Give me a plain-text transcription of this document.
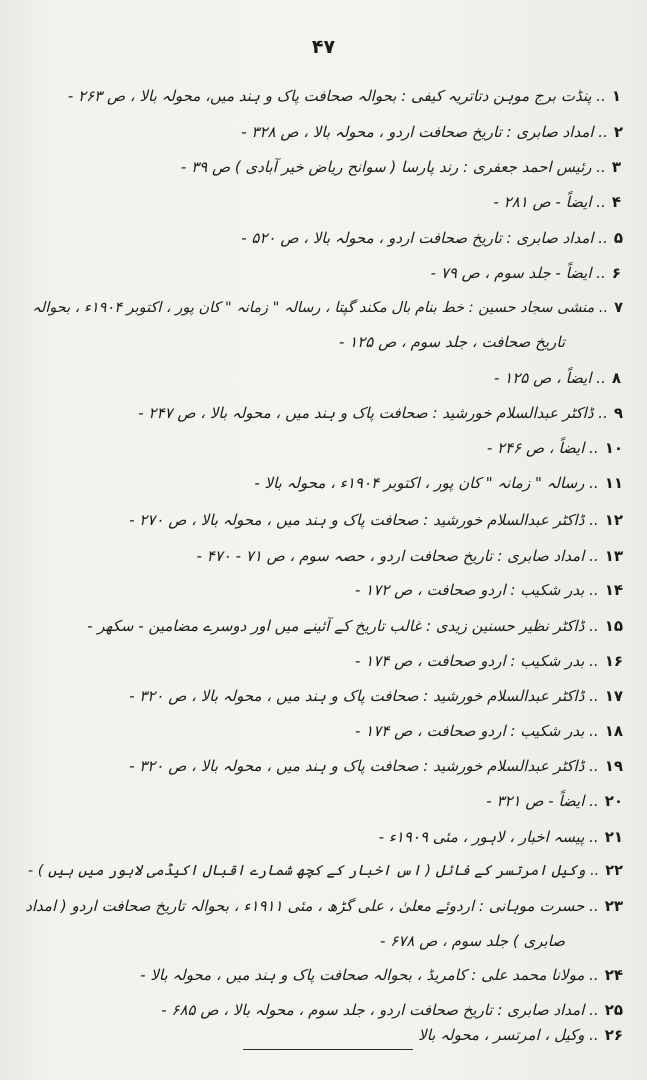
۴۷
۱.. پنڈت برج موہن دتاتریہ کیفی : بحوالہ صحافت پاک و ہند میں، محولہ بالا ، ص ۲۶۳ -
۲.. امداد صابری : تاریخ صحافت اردو ، محولہ بالا ، ص ۳۲۸ -
۳.. رئیس احمد جعفری : رند پارسا ( سوانح ریاض خیر آبادی ) ص ۳۹ -
۴.. ایضاً - ص ۲۸۱ -
۵.. امداد صابری : تاریخ صحافت اردو ، محولہ بالا ، ص ۵۲۰ -
۶.. ایضاً - جلد سوم ، ص ۷۹ -
۷.. منشی سجاد حسین : خط بنام بال مکند گپتا ، رسالہ " زمانہ " کان پور ، اکتوبر ۱۹۰۴ء ، بحوالہ
تاریخ صحافت ، جلد سوم ، ص ۱۲۵ -
۸.. ایضاً ، ص ۱۲۵ -
۹.. ڈاکٹر عبدالسلام خورشید : صحافت پاک و ہند میں ، محولہ بالا ، ص ۲۴۷ -
۱۰.. ایضاً ، ص ۲۴۶ -
۱۱.. رسالہ " زمانہ " کان پور ، اکتوبر ۱۹۰۴ء ، محولہ بالا -
۱۲.. ڈاکٹر عبدالسلام خورشید : صحافت پاک و ہند میں ، محولہ بالا ، ص ۲۷۰ -
۱۳.. امداد صابری : تاریخ صحافت اردو ، حصہ سوم ، ص ۷۱ - ۴۷۰ -
۱۴.. بدر شکیب : اردو صحافت ، ص ۱۷۲ -
۱۵.. ڈاکٹر نظیر حسنین زیدی : غالب تاریخ کے آئینے میں اور دوسرے مضامین - سکھر -
۱۶.. بدر شکیب : اردو صحافت ، ص ۱۷۴ -
۱۷.. ڈاکٹر عبدالسلام خورشید : صحافت پاک و ہند میں ، محولہ بالا ، ص ۳۲۰ -
۱۸.. بدر شکیب : اردو صحافت ، ص ۱۷۴ -
۱۹.. ڈاکٹر عبدالسلام خورشید : صحافت پاک و ہند میں ، محولہ بالا ، ص ۳۲۰ -
۲۰.. ایضاً - ص ۳۲۱ -
۲۱.. پیسہ اخبار ، لاہور ، مئی ۱۹۰۹ء -
۲۲.. وکیل امرتسر کے فائل ( اس اخبار کے کچھ شمارے اقبال اکیڈمی لاہور میں ہیں ) -
۲۳.. حسرت موہانی : اردوئے معلیٰ ، علی گڑھ ، مئی ۱۹۱۱ء ، بحوالہ تاریخ صحافت اردو ( امداد
صابری ) جلد سوم ، ص ۶۷۸ -
۲۴.. مولانا محمد علی : کامریڈ ، بحوالہ صحافت پاک و ہند میں ، محولہ بالا -
۲۵.. امداد صابری : تاریخ صحافت اردو ، جلد سوم ، محولہ بالا ، ص ۶۸۵ -
۲۶.. وکیل ، امرتسر ، محولہ بالا
